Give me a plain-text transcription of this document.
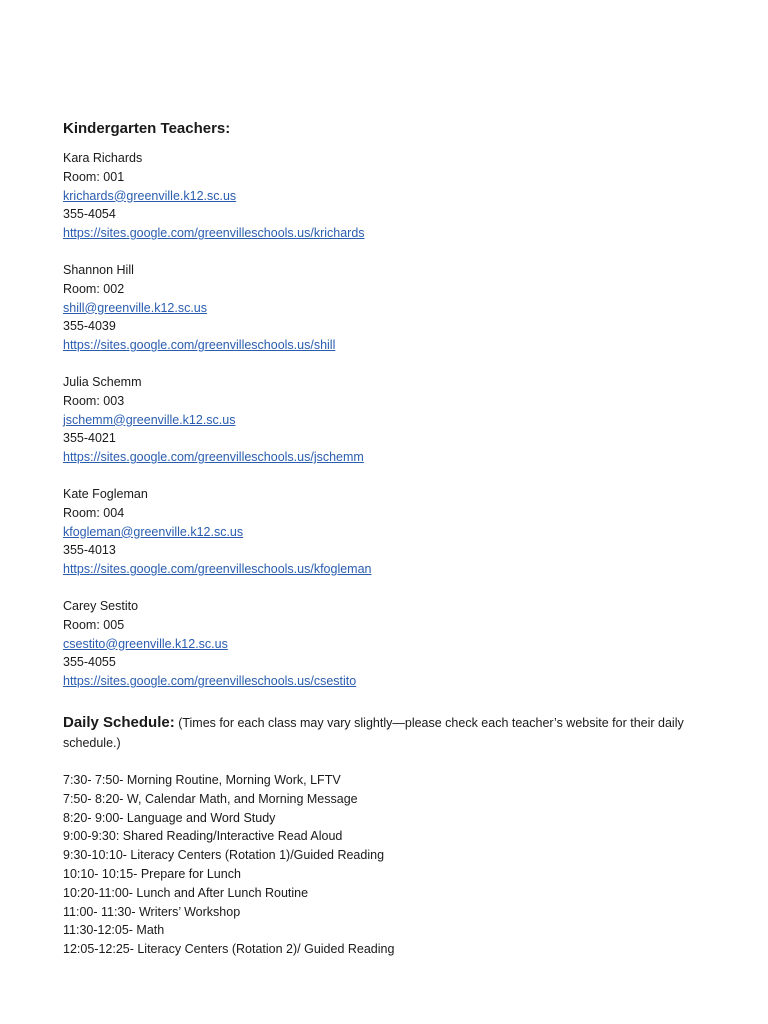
Kindergarten Teachers:
Kara Richards
Room: 001
krichards@greenville.k12.sc.us
355-4054
https://sites.google.com/greenvilleschools.us/krichards
Shannon Hill
Room: 002
shill@greenville.k12.sc.us
355-4039
https://sites.google.com/greenvilleschools.us/shill
Julia Schemm
Room: 003
jschemm@greenville.k12.sc.us
355-4021
https://sites.google.com/greenvilleschools.us/jschemm
Kate Fogleman
Room: 004
kfogleman@greenville.k12.sc.us
355-4013
https://sites.google.com/greenvilleschools.us/kfogleman
Carey Sestito
Room: 005
csestito@greenville.k12.sc.us
355-4055
https://sites.google.com/greenvilleschools.us/csestito
Daily Schedule: (Times for each class may vary slightly—please check each teacher’s website for their daily schedule.)
7:30- 7:50- Morning Routine, Morning Work, LFTV
7:50- 8:20- W, Calendar Math, and Morning Message
8:20- 9:00- Language and Word Study
9:00-9:30: Shared Reading/Interactive Read Aloud
9:30-10:10- Literacy Centers (Rotation 1)/Guided Reading
10:10- 10:15- Prepare for Lunch
10:20-11:00- Lunch and After Lunch Routine
11:00- 11:30- Writers’ Workshop
11:30-12:05- Math
12:05-12:25- Literacy Centers (Rotation 2)/ Guided Reading
